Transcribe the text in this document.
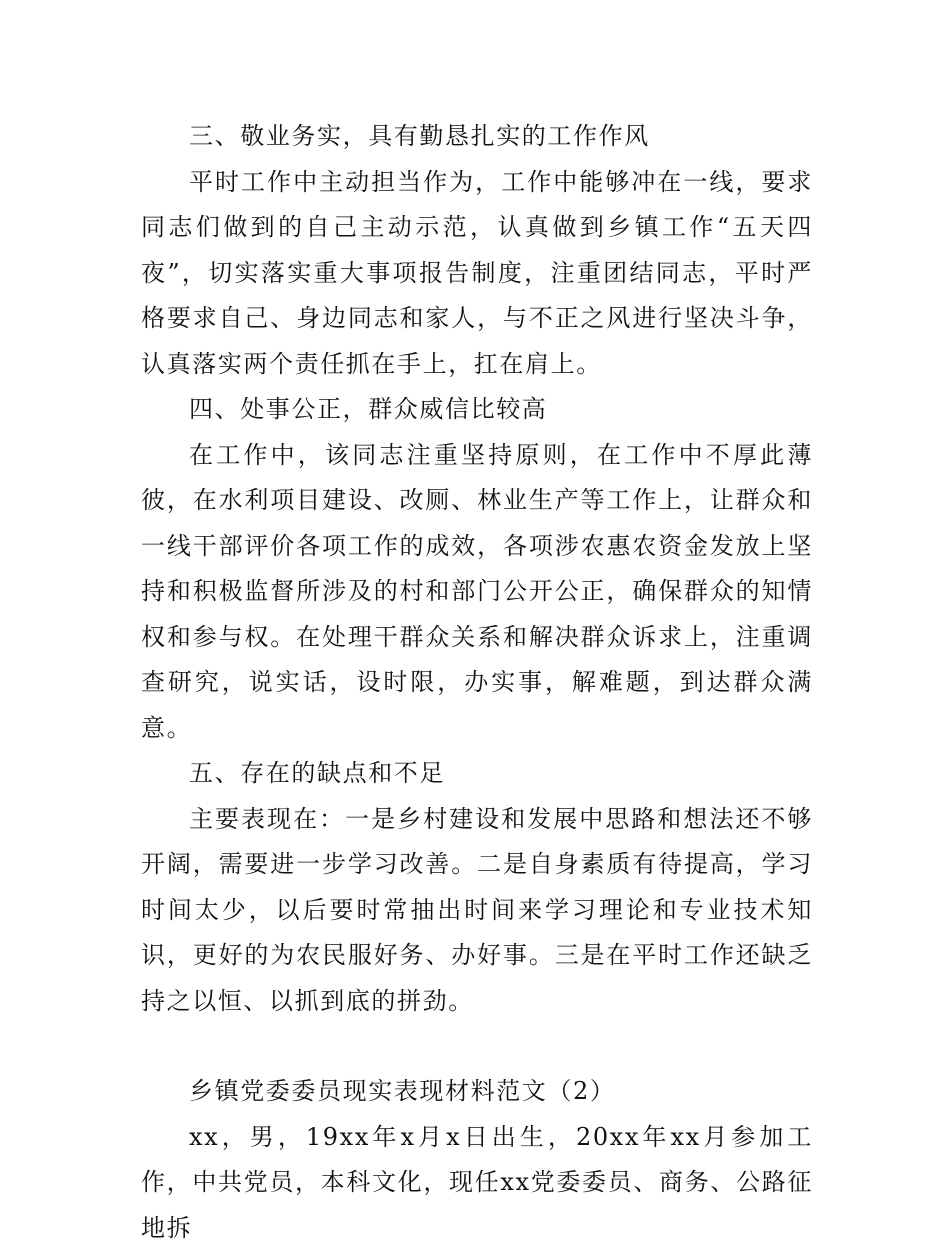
三、敬业务实，具有勤恳扎实的工作作风

平时工作中主动担当作为，工作中能够冲在一线，要求同志们做到的自己主动示范，认真做到乡镇工作“五天四夜”，切实落实重大事项报告制度，注重团结同志，平时严格要求自己、身边同志和家人，与不正之风进行坚决斗争，认真落实两个责任抓在手上，扛在肩上。

四、处事公正，群众威信比较高

在工作中，该同志注重坚持原则，在工作中不厚此薄彼，在水利项目建设、改厕、林业生产等工作上，让群众和一线干部评价各项工作的成效，各项涉农惠农资金发放上坚持和积极监督所涉及的村和部门公开公正，确保群众的知情权和参与权。在处理干群众关系和解决群众诉求上，注重调查研究，说实话，设时限，办实事，解难题，到达群众满意。

五、存在的缺点和不足

主要表现在：一是乡村建设和发展中思路和想法还不够开阔，需要进一步学习改善。二是自身素质有待提高，学习时间太少，以后要时常抽出时间来学习理论和专业技术知识，更好的为农民服好务、办好事。三是在平时工作还缺乏持之以恒、以抓到底的拼劲。

乡镇党委委员现实表现材料范文（2）

xx，男，19xx年x月x日出生，20xx年xx月参加工作，中共党员，本科文化，现任xx党委委员、商务、公路征地拆
